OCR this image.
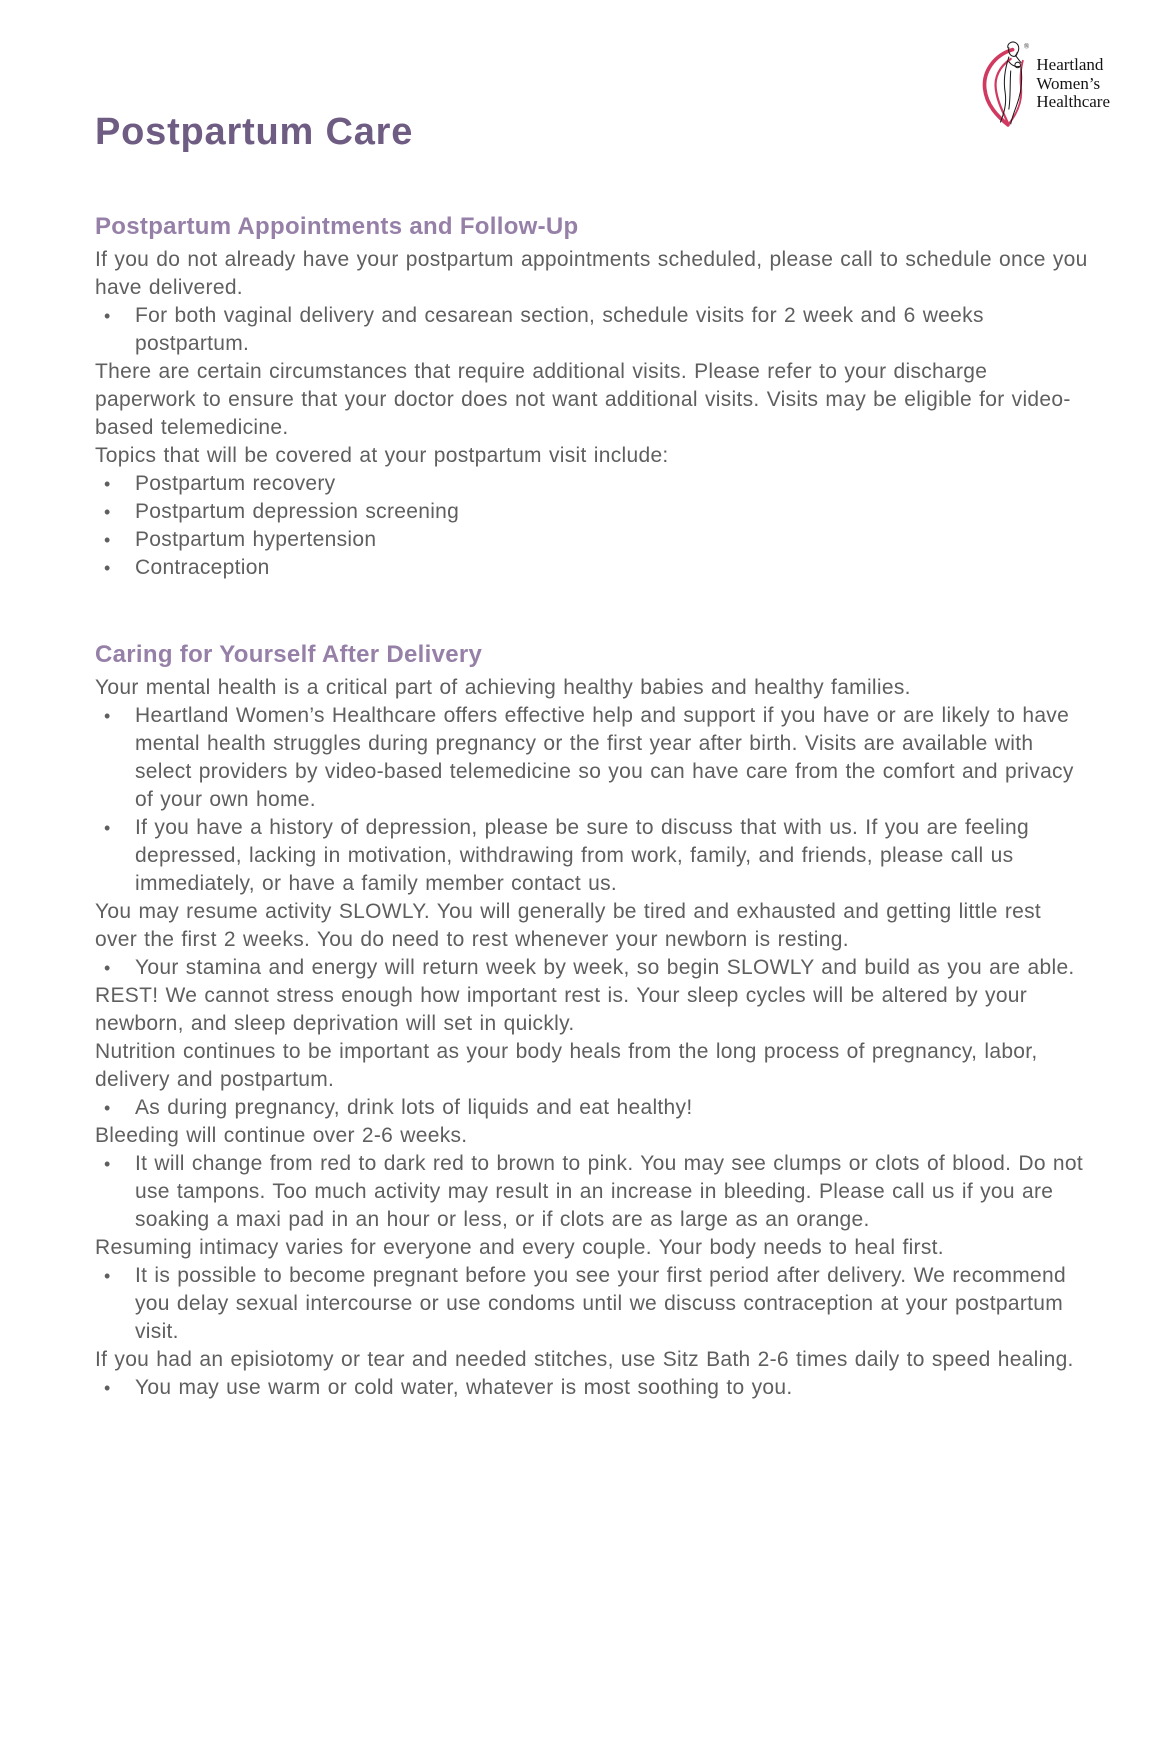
®
Heartland
Women’s
Healthcare
Postpartum Care
Postpartum Appointments and Follow-Up

If you do not already have your postpartum appointments scheduled, please call to schedule once you have delivered.

• For both vaginal delivery and cesarean section, schedule visits for 2 week and 6 weeks postpartum.

There are certain circumstances that require additional visits. Please refer to your discharge paperwork to ensure that your doctor does not want additional visits. Visits may be eligible for video-based telemedicine.

Topics that will be covered at your postpartum visit include:

• Postpartum recovery
• Postpartum depression screening
• Postpartum hypertension
• Contraception
Caring for Yourself After Delivery

Your mental health is a critical part of achieving healthy babies and healthy families.

• Heartland Women’s Healthcare offers effective help and support if you have or are likely to have mental health struggles during pregnancy or the first year after birth. Visits are available with select providers by video-based telemedicine so you can have care from the comfort and privacy of your own home.
• If you have a history of depression, please be sure to discuss that with us. If you are feeling depressed, lacking in motivation, withdrawing from work, family, and friends, please call us immediately, or have a family member contact us.

You may resume activity SLOWLY. You will generally be tired and exhausted and getting little rest over the first 2 weeks. You do need to rest whenever your newborn is resting.

• Your stamina and energy will return week by week, so begin SLOWLY and build as you are able.

REST! We cannot stress enough how important rest is. Your sleep cycles will be altered by your newborn, and sleep deprivation will set in quickly.

Nutrition continues to be important as your body heals from the long process of pregnancy, labor, delivery and postpartum.

• As during pregnancy, drink lots of liquids and eat healthy!

Bleeding will continue over 2-6 weeks.

• It will change from red to dark red to brown to pink. You may see clumps or clots of blood. Do not use tampons. Too much activity may result in an increase in bleeding. Please call us if you are soaking a maxi pad in an hour or less, or if clots are as large as an orange.

Resuming intimacy varies for everyone and every couple. Your body needs to heal first.

• It is possible to become pregnant before you see your first period after delivery. We recommend you delay sexual intercourse or use condoms until we discuss contraception at your postpartum visit.

If you had an episiotomy or tear and needed stitches, use Sitz Bath 2-6 times daily to speed healing.

• You may use warm or cold water, whatever is most soothing to you.
